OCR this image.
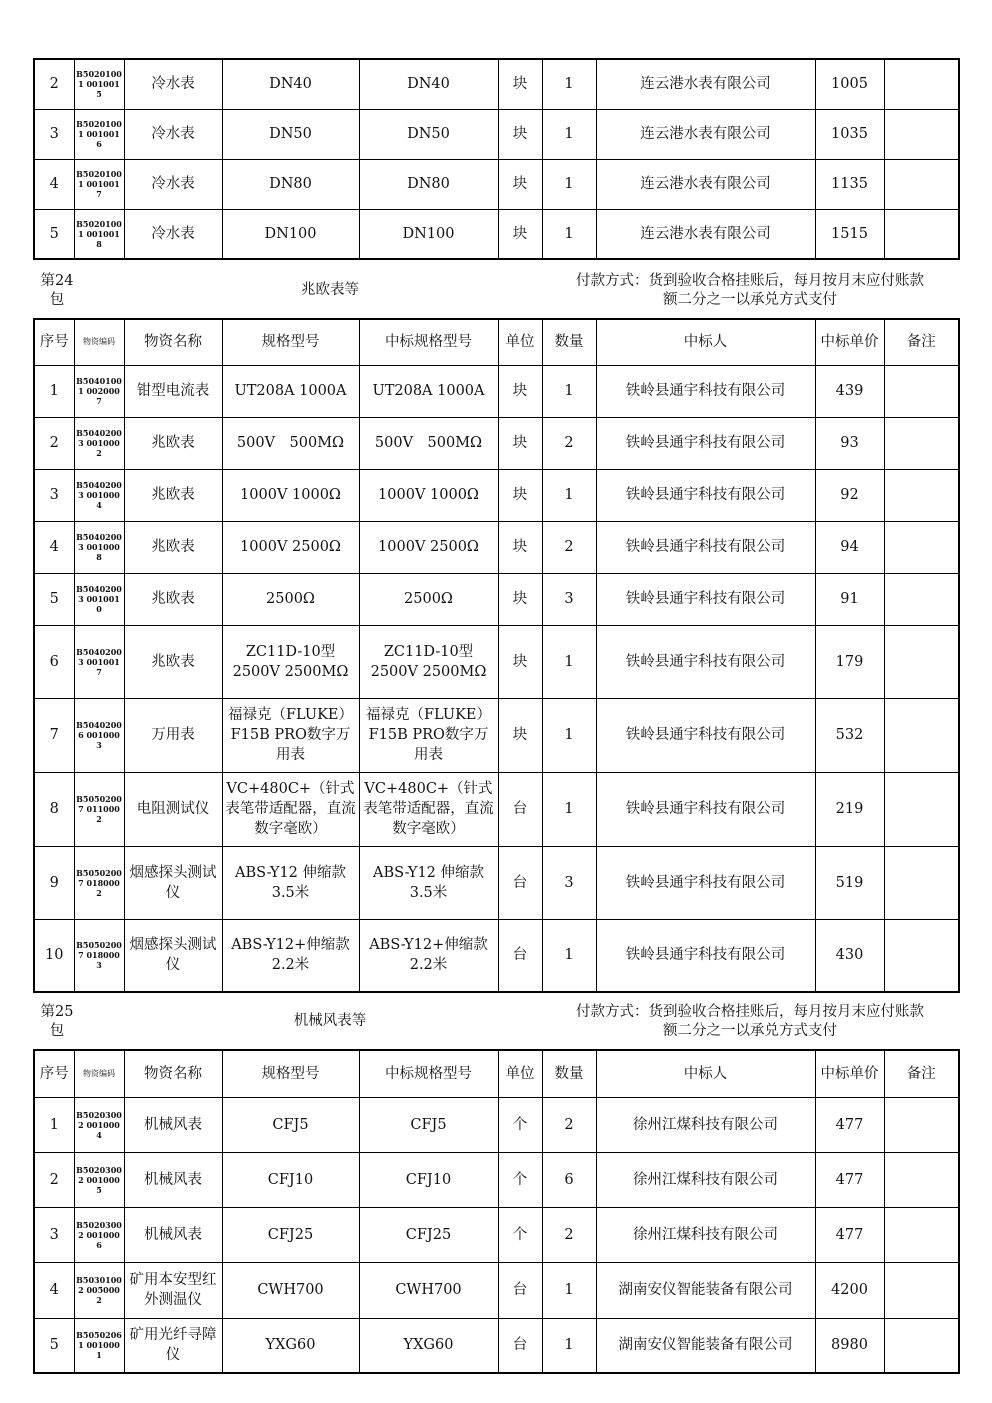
2	B50201001 0010015	冷水表	DN40	DN40	块	1	连云港水表有限公司	1005	
3	B50201001 0010016	冷水表	DN50	DN50	块	1	连云港水表有限公司	1035	
4	B50201001 0010017	冷水表	DN80	DN80	块	1	连云港水表有限公司	1135	
5	B50201001 0010018	冷水表	DN100	DN100	块	1	连云港水表有限公司	1515	
第24
包
兆欧表等
付款方式：货到验收合格挂账后，每月按月末应付账款
额二分之一以承兑方式支付
序号	物资编码	物资名称	规格型号	中标规格型号	单位	数量	中标人	中标单价	备注
1	B50401001 0020007	钳型电流表	UT208A 1000A	UT208A 1000A	块	1	铁岭县通宇科技有限公司	439	
2	B50402003 0010002	兆欧表	500V　500MΩ	500V　500MΩ	块	2	铁岭县通宇科技有限公司	93	
3	B50402003 0010004	兆欧表	1000V 1000Ω	1000V 1000Ω	块	1	铁岭县通宇科技有限公司	92	
4	B50402003 0010008	兆欧表	1000V 2500Ω	1000V 2500Ω	块	2	铁岭县通宇科技有限公司	94	
5	B50402003 0010010	兆欧表	2500Ω	2500Ω	块	3	铁岭县通宇科技有限公司	91	
6	B50402003 0010017	兆欧表	ZC11D-10型 2500V 2500MΩ	ZC11D-10型 2500V 2500MΩ	块	1	铁岭县通宇科技有限公司	179	
7	B50402006 0010003	万用表	福禄克（FLUKE）F15B PRO数字万用表	福禄克（FLUKE）F15B PRO数字万用表	块	1	铁岭县通宇科技有限公司	532	
8	B50502007 0110002	电阻测试仪	VC+480C+（针式表笔带适配器，直流数字毫欧）	VC+480C+（针式表笔带适配器，直流数字毫欧）	台	1	铁岭县通宇科技有限公司	219	
9	B50502007 0180002	烟感探头测试仪	ABS-Y12 伸缩款 3.5米	ABS-Y12 伸缩款 3.5米	台	3	铁岭县通宇科技有限公司	519	
10	B50502007 0180003	烟感探头测试仪	ABS-Y12+伸缩款 2.2米	ABS-Y12+伸缩款 2.2米	台	1	铁岭县通宇科技有限公司	430	
第25
包
机械风表等
付款方式：货到验收合格挂账后，每月按月末应付账款
额二分之一以承兑方式支付
序号	物资编码	物资名称	规格型号	中标规格型号	单位	数量	中标人	中标单价	备注
1	B50203002 0010004	机械风表	CFJ5	CFJ5	个	2	徐州江煤科技有限公司	477	
2	B50203002 0010005	机械风表	CFJ10	CFJ10	个	6	徐州江煤科技有限公司	477	
3	B50203002 0010006	机械风表	CFJ25	CFJ25	个	2	徐州江煤科技有限公司	477	
4	B50301002 0050002	矿用本安型红外测温仪	CWH700	CWH700	台	1	湖南安仪智能装备有限公司	4200	
5	B50502061 0010001	矿用光纤寻障仪	YXG60	YXG60	台	1	湖南安仪智能装备有限公司	8980	
